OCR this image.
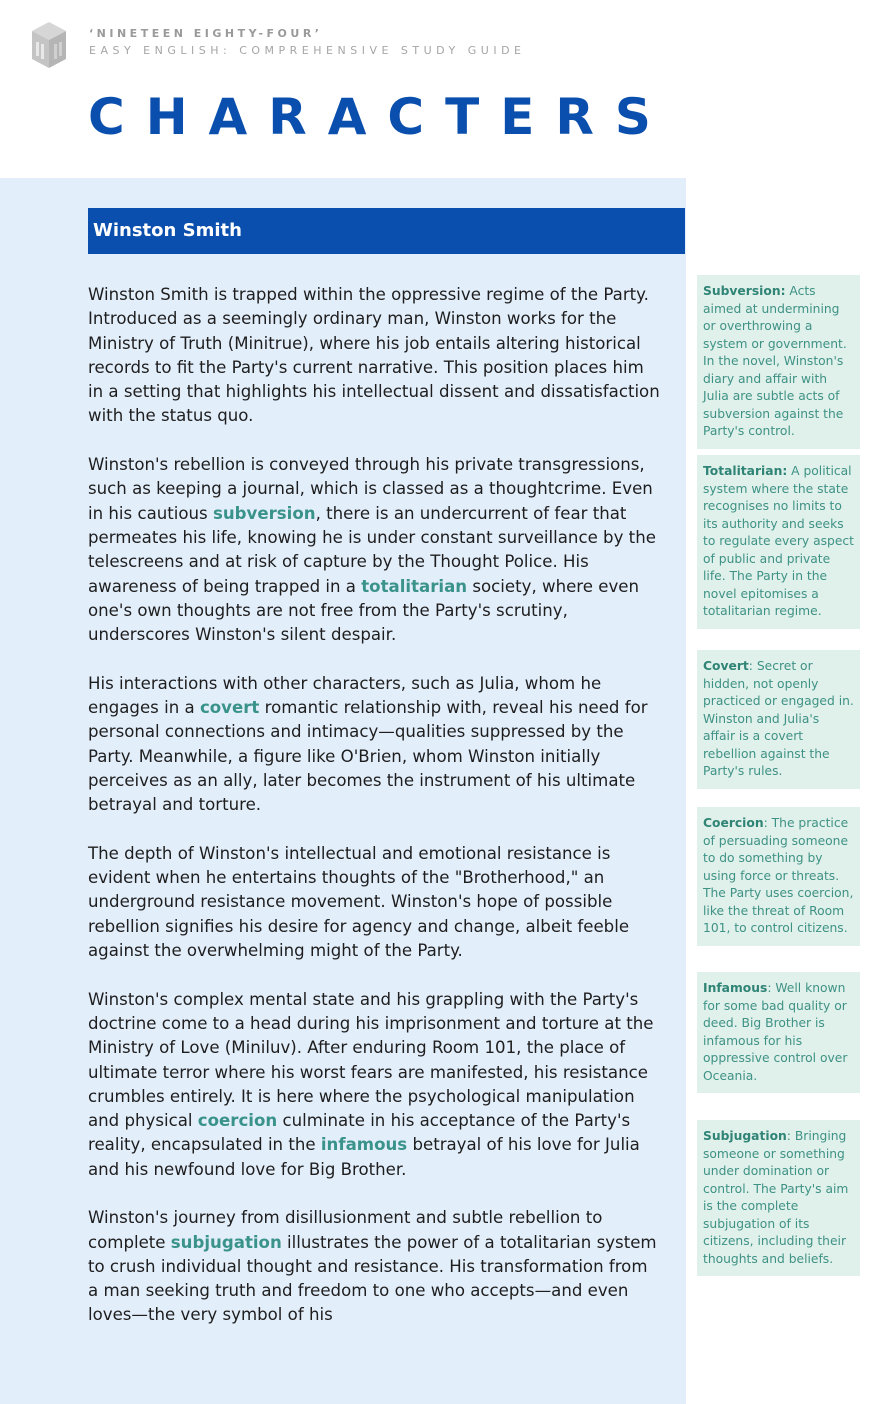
‘NINETEEN EIGHTY-FOUR’
EASY ENGLISH: COMPREHENSIVE STUDY GUIDE
CHARACTERS
Winston Smith

Winston Smith is trapped within the oppressive regime of the Party. Introduced as a seemingly ordinary man, Winston works for the Ministry of Truth (Minitrue), where his job entails altering historical records to fit the Party's current narrative. This position places him in a setting that highlights his intellectual dissent and dissatisfaction with the status quo.

Winston's rebellion is conveyed through his private transgressions, such as keeping a journal, which is classed as a thoughtcrime. Even in his cautious subversion, there is an undercurrent of fear that permeates his life, knowing he is under constant surveillance by the telescreens and at risk of capture by the Thought Police. His awareness of being trapped in a totalitarian society, where even one's own thoughts are not free from the Party's scrutiny, underscores Winston's silent despair.

His interactions with other characters, such as Julia, whom he engages in a covert romantic relationship with, reveal his need for personal connections and intimacy—qualities suppressed by the Party. Meanwhile, a figure like O'Brien, whom Winston initially perceives as an ally, later becomes the instrument of his ultimate betrayal and torture.

The depth of Winston's intellectual and emotional resistance is evident when he entertains thoughts of the "Brotherhood," an underground resistance movement. Winston's hope of possible rebellion signifies his desire for agency and change, albeit feeble against the overwhelming might of the Party.

Winston's complex mental state and his grappling with the Party's doctrine come to a head during his imprisonment and torture at the Ministry of Love (Miniluv). After enduring Room 101, the place of ultimate terror where his worst fears are manifested, his resistance crumbles entirely. It is here where the psychological manipulation and physical coercion culminate in his acceptance of the Party's reality, encapsulated in the infamous betrayal of his love for Julia and his newfound love for Big Brother.

Winston's journey from disillusionment and subtle rebellion to complete subjugation illustrates the power of a totalitarian system to crush individual thought and resistance. His transformation from a man seeking truth and freedom to one who accepts—and even loves—the very symbol of his

Subversion: Acts aimed at undermining or overthrowing a system or government. In the novel, Winston's diary and affair with Julia are subtle acts of subversion against the Party's control.
Totalitarian: A political system where the state recognises no limits to its authority and seeks to regulate every aspect of public and private life. The Party in the novel epitomises a totalitarian regime.
Covert: Secret or hidden, not openly practiced or engaged in. Winston and Julia's affair is a covert rebellion against the Party's rules.
Coercion: The practice of persuading someone to do something by using force or threats. The Party uses coercion, like the threat of Room 101, to control citizens.
Infamous: Well known for some bad quality or deed. Big Brother is infamous for his oppressive control over Oceania.
Subjugation: Bringing someone or something under domination or control. The Party's aim is the complete subjugation of its citizens, including their thoughts and beliefs.
